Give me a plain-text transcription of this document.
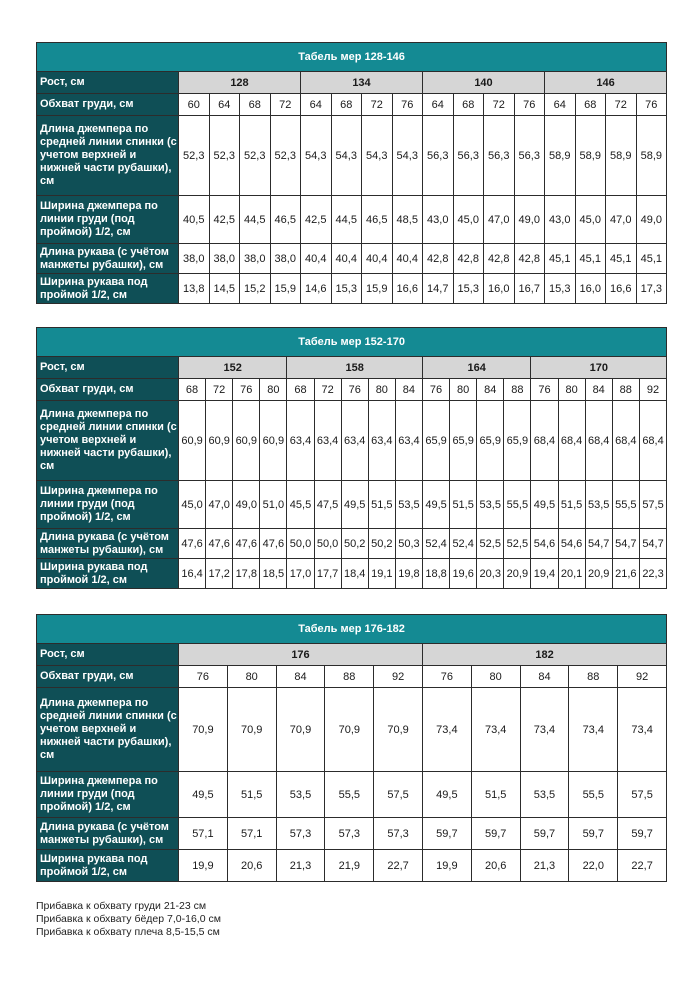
Табель мер 128-146																
Рост, см	128				134				140				146			
Обхват груди, см	60	64	68	72	64	68	72	76	64	68	72	76	64	68	72	76
Длина джемпера по средней линии спинки (с учетом верхней и нижней части рубашки), см	52,3	52,3	52,3	52,3	54,3	54,3	54,3	54,3	56,3	56,3	56,3	56,3	58,9	58,9	58,9	58,9
Ширина джемпера по линии груди (под проймой) 1/2, см	40,5	42,5	44,5	46,5	42,5	44,5	46,5	48,5	43,0	45,0	47,0	49,0	43,0	45,0	47,0	49,0
Длина рукава (с учётом манжеты рубашки), см	38,0	38,0	38,0	38,0	40,4	40,4	40,4	40,4	42,8	42,8	42,8	42,8	45,1	45,1	45,1	45,1
Ширина рукава под проймой 1/2, см	13,8	14,5	15,2	15,9	14,6	15,3	15,9	16,6	14,7	15,3	16,0	16,7	15,3	16,0	16,6	17,3
Табель мер 152-170																		
Рост, см	152				158					164				170				
Обхват груди, см	68	72	76	80	68	72	76	80	84	76	80	84	88	76	80	84	88	92
Длина джемпера по средней линии спинки (с учетом верхней и нижней части рубашки), см	60,9	60,9	60,9	60,9	63,4	63,4	63,4	63,4	63,4	65,9	65,9	65,9	65,9	68,4	68,4	68,4	68,4	68,4
Ширина джемпера по линии груди (под проймой) 1/2, см	45,0	47,0	49,0	51,0	45,5	47,5	49,5	51,5	53,5	49,5	51,5	53,5	55,5	49,5	51,5	53,5	55,5	57,5
Длина рукава (с учётом манжеты рубашки), см	47,6	47,6	47,6	47,6	50,0	50,0	50,2	50,2	50,3	52,4	52,4	52,5	52,5	54,6	54,6	54,7	54,7	54,7
Ширина рукава под проймой 1/2, см	16,4	17,2	17,8	18,5	17,0	17,7	18,4	19,1	19,8	18,8	19,6	20,3	20,9	19,4	20,1	20,9	21,6	22,3
Табель мер 176-182										
Рост, см	176					182				
Обхват груди, см	76	80	84	88	92	76	80	84	88	92
Длина джемпера по средней линии спинки (с учетом верхней и нижней части рубашки), см	70,9	70,9	70,9	70,9	70,9	73,4	73,4	73,4	73,4	73,4
Ширина джемпера по линии груди (под проймой) 1/2, см	49,5	51,5	53,5	55,5	57,5	49,5	51,5	53,5	55,5	57,5
Длина рукава (с учётом манжеты рубашки), см	57,1	57,1	57,3	57,3	57,3	59,7	59,7	59,7	59,7	59,7
Ширина рукава под проймой 1/2, см	19,9	20,6	21,3	21,9	22,7	19,9	20,6	21,3	22,0	22,7
Прибавка к обхвату груди 21-23 см
Прибавка к обхвату бёдер 7,0-16,0 см
Прибавка к обхвату плеча 8,5-15,5 см
